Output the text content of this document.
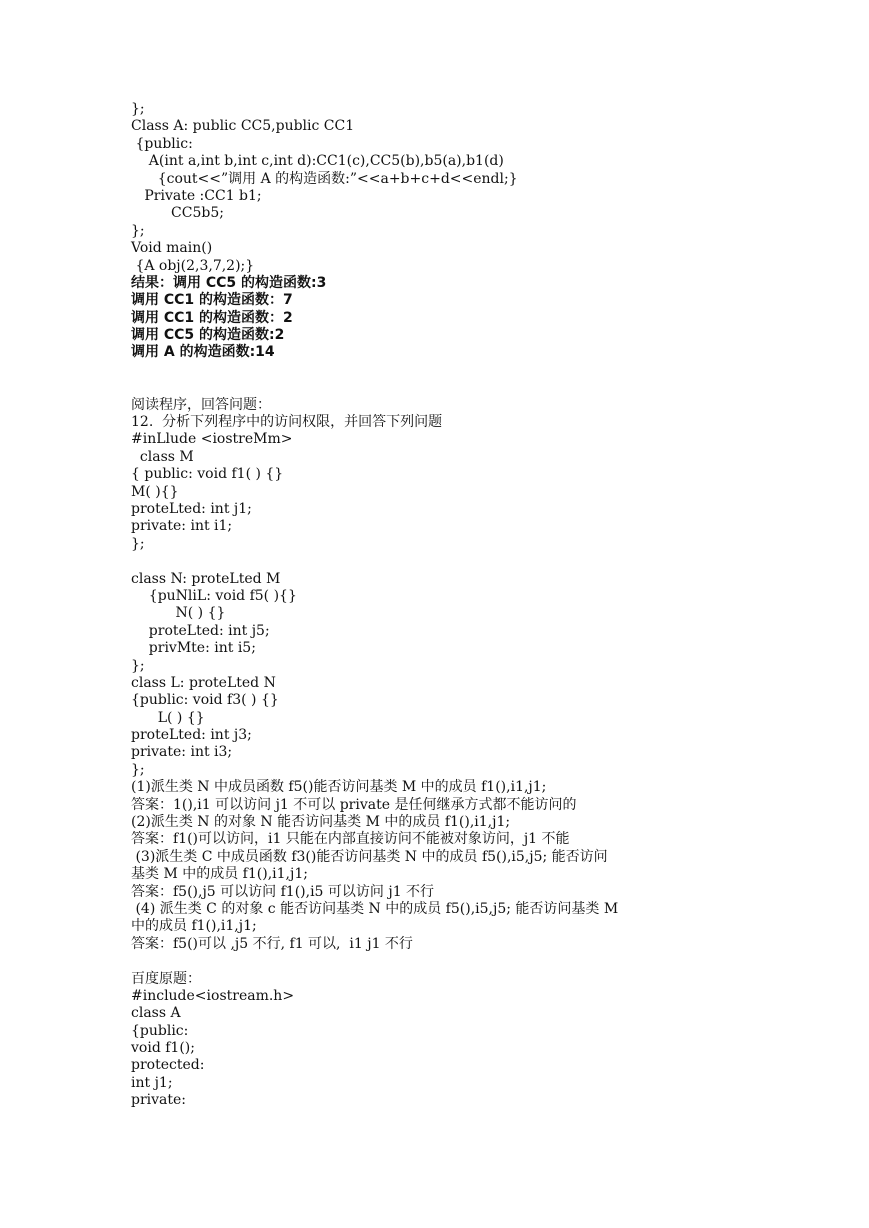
};
Class A: public CC5,public CC1
{public:
A(int a,int b,int c,int d):CC1(c),CC5(b),b5(a),b1(d)
{cout<<”调用 A 的构造函数:”<<a+b+c+d<<endl;}
Private :CC1 b1;
CC5b5;
};
Void main()
{A obj(2,3,7,2);}
结果：调用 CC5 的构造函数:3
调用 CC1 的构造函数：7
调用 CC1 的构造函数：2
调用 CC5 的构造函数:2
调用 A 的构造函数:14
阅读程序，回答问题：
12.  分析下列程序中的访问权限，并回答下列问题
#inLlude <iostreMm>
class M
{ public: void f1( ) {}
M( ){}
proteLted: int j1;
private: int i1;
};
class N: proteLted M
{puNliL: void f5( ){}
N( ) {}
proteLted: int j5;
privMte: int i5;
};
class L: proteLted N
{public: void f3( ) {}
L( ) {}
proteLted: int j3;
private: int i3;
};
(1)派生类 N 中成员函数 f5()能否访问基类 M 中的成员 f1(),i1,j1;
答案：1(),i1 可以访问 j1 不可以 private 是任何继承方式都不能访问的
(2)派生类 N 的对象 N 能否访问基类 M 中的成员 f1(),i1,j1;
答案：f1()可以访问，i1 只能在内部直接访问不能被对象访问，j1 不能
(3)派生类 C 中成员函数 f3()能否访问基类 N 中的成员 f5(),i5,j5; 能否访问
基类 M 中的成员 f1(),i1,j1;
答案：f5(),j5 可以访问 f1(),i5 可以访问 j1 不行
(4) 派生类 C 的对象 c 能否访问基类 N 中的成员 f5(),i5,j5; 能否访问基类 M
中的成员 f1(),i1,j1;
答案：f5()可以 ,j5 不行, f1 可以,  i1 j1 不行
百度原题：
#include<iostream.h>
class A
{public:
void f1();
protected:
int j1;
private:
